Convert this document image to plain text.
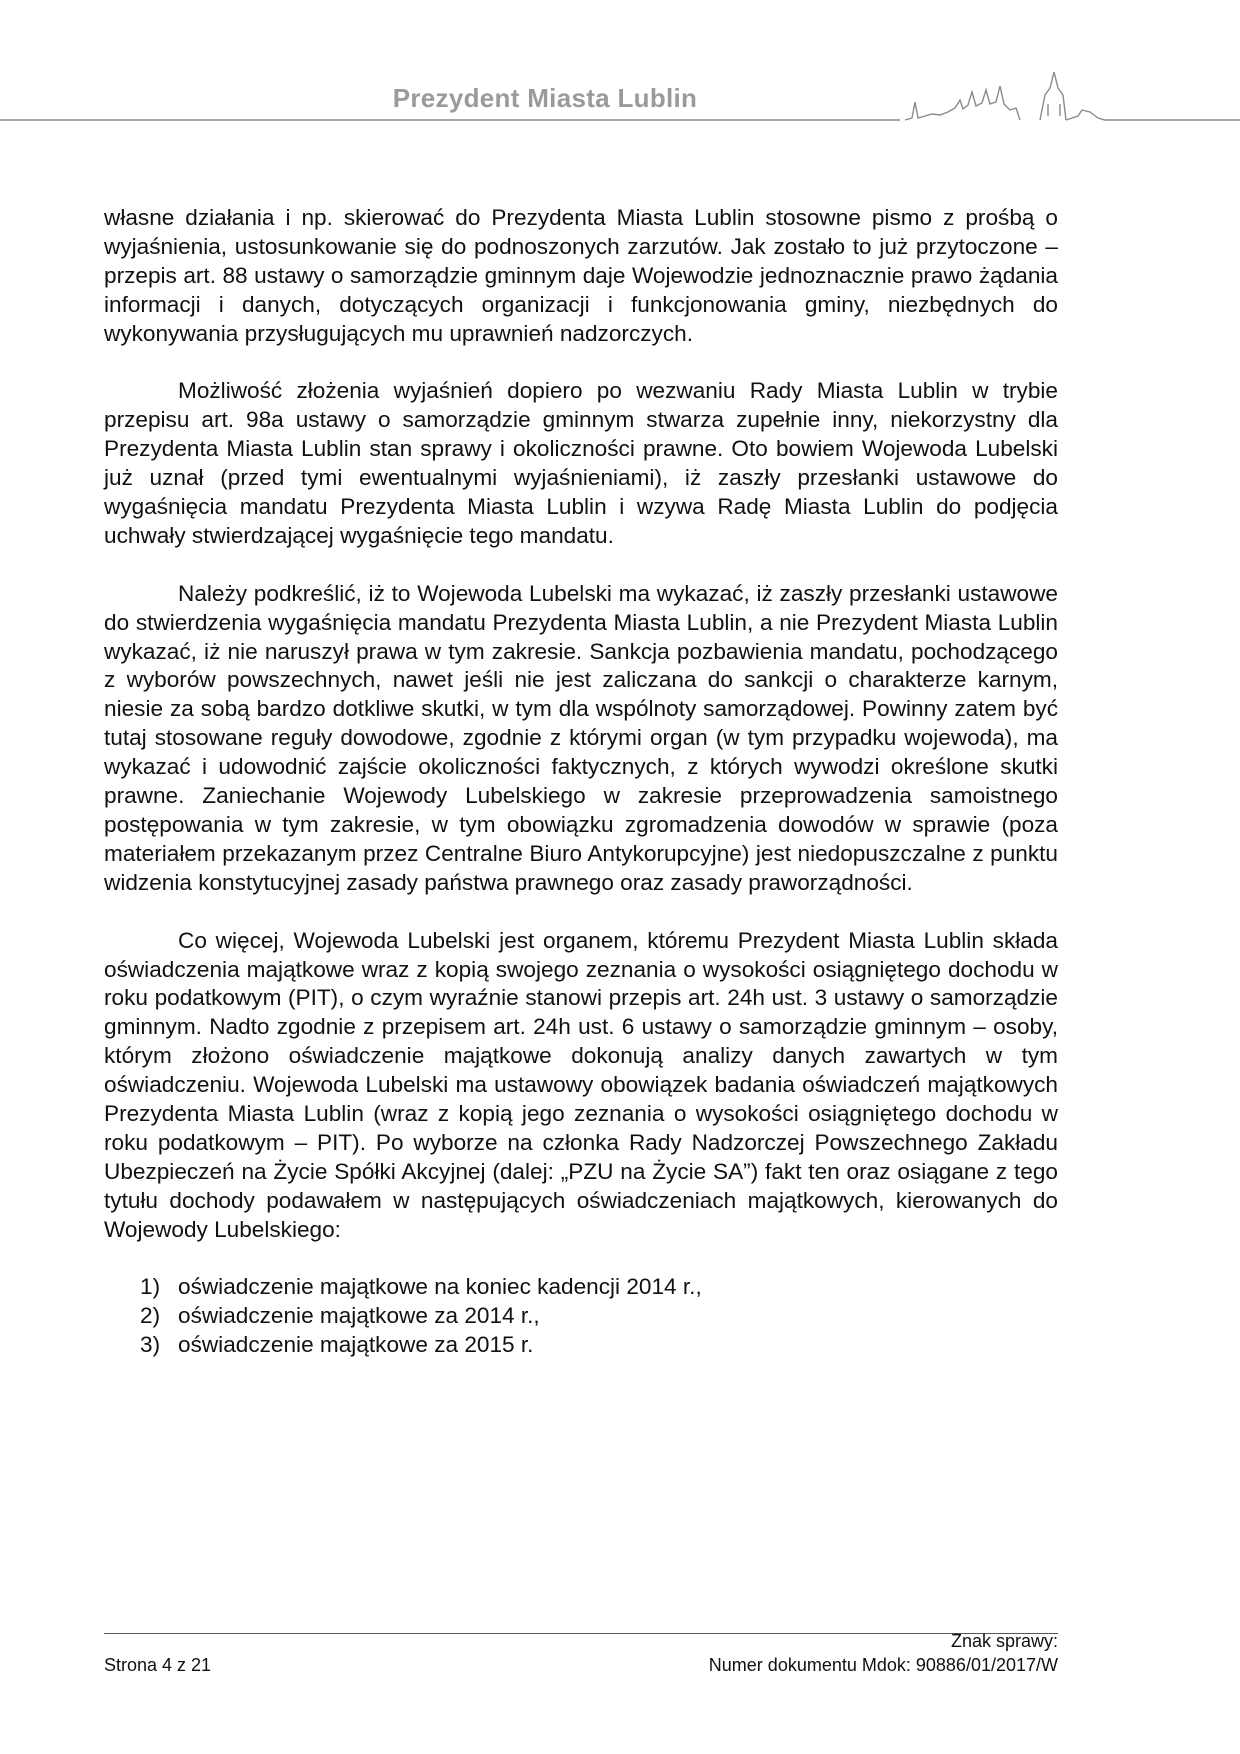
Prezydent Miasta Lublin

własne działania i np. skierować do Prezydenta Miasta Lublin stosowne pismo z prośbą o wyjaśnienia, ustosunkowanie się do podnoszonych zarzutów. Jak zostało to już przytoczone – przepis art. 88 ustawy o samorządzie gminnym daje Wojewodzie jednoznacznie prawo żądania informacji i danych, dotyczących organizacji i funkcjonowania gminy, niezbędnych do wykonywania przysługujących mu uprawnień nadzorczych.

Możliwość złożenia wyjaśnień dopiero po wezwaniu Rady Miasta Lublin w trybie przepisu art. 98a ustawy o samorządzie gminnym stwarza zupełnie inny, niekorzystny dla Prezydenta Miasta Lublin stan sprawy i okoliczności prawne. Oto bowiem Wojewoda Lubelski już uznał (przed tymi ewentualnymi wyjaśnieniami), iż zaszły przesłanki ustawowe do wygaśnięcia mandatu Prezydenta Miasta Lublin i wzywa Radę Miasta Lublin do podjęcia uchwały stwierdzającej wygaśnięcie tego mandatu.

Należy podkreślić, iż to Wojewoda Lubelski ma wykazać, iż zaszły przesłanki ustawowe do stwierdzenia wygaśnięcia mandatu Prezydenta Miasta Lublin, a nie Prezydent Miasta Lublin wykazać, iż nie naruszył prawa w tym zakresie. Sankcja pozbawienia mandatu, pochodzącego z wyborów powszechnych, nawet jeśli nie jest zaliczana do sankcji o charakterze karnym, niesie za sobą bardzo dotkliwe skutki, w tym dla wspólnoty samorządowej. Powinny zatem być tutaj stosowane reguły dowodowe, zgodnie z którymi organ (w tym przypadku wojewoda), ma wykazać i udowodnić zajście okoliczności faktycznych, z których wywodzi określone skutki prawne. Zaniechanie Wojewody Lubelskiego w zakresie przeprowadzenia samoistnego postępowania w tym zakresie, w tym obowiązku zgromadzenia dowodów w sprawie (poza materiałem przekazanym przez Centralne Biuro Antykorupcyjne) jest niedopuszczalne z punktu widzenia konstytucyjnej zasady państwa prawnego oraz zasady praworządności.

Co więcej, Wojewoda Lubelski jest organem, któremu Prezydent Miasta Lublin składa oświadczenia majątkowe wraz z kopią swojego zeznania o wysokości osiągniętego dochodu w roku podatkowym (PIT), o czym wyraźnie stanowi przepis art. 24h ust. 3 ustawy o samorządzie gminnym. Nadto zgodnie z przepisem art. 24h ust. 6 ustawy o samorządzie gminnym – osoby, którym złożono oświadczenie majątkowe dokonują analizy danych zawartych w tym oświadczeniu. Wojewoda Lubelski ma ustawowy obowiązek badania oświadczeń majątkowych Prezydenta Miasta Lublin (wraz z kopią jego zeznania o wysokości osiągniętego dochodu w roku podatkowym – PIT). Po wyborze na członka Rady Nadzorczej Powszechnego Zakładu Ubezpieczeń na Życie Spółki Akcyjnej (dalej: „PZU na Życie SA”) fakt ten oraz osiągane z tego tytułu dochody podawałem w następujących oświadczeniach majątkowych, kierowanych do Wojewody Lubelskiego:

1) oświadczenie majątkowe na koniec kadencji 2014 r.,
2) oświadczenie majątkowe za 2014 r.,
3) oświadczenie majątkowe za 2015 r.
Strona 4 z 21
Znak sprawy:
Numer dokumentu Mdok: 90886/01/2017/W
